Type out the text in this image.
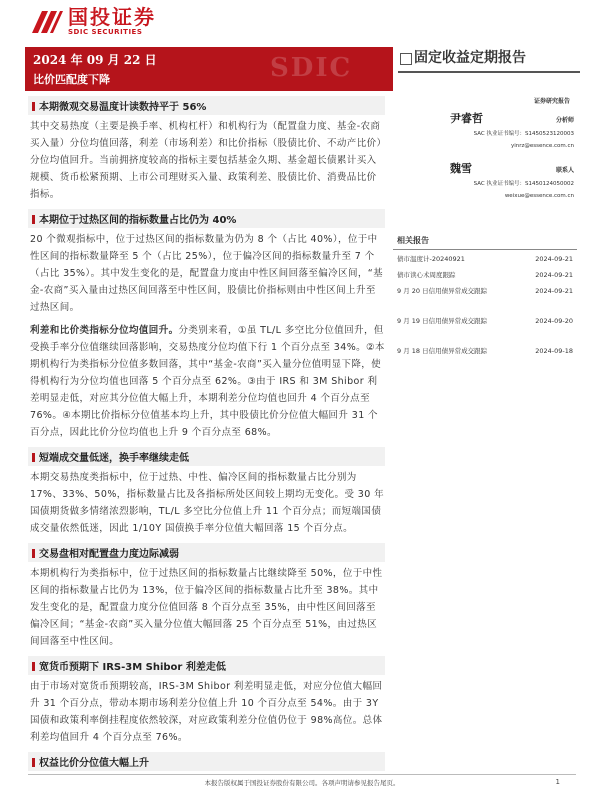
国投证券
SDIC SECURITIES
SDIC
2024 年 09 月 22 日
比价匹配度下降
固定收益定期报告
证券研究报告
尹睿哲	分析师
SAC 执业证书编号：S1450523120003
yinrz@essence.com.cn
魏雪	联系人
SAC 执业证书编号：S1450124050002
weixue@essence.com.cn
相关报告
债市温度计-20240921	2024-09-21
债市读心术周度跟踪	2024-09-21
9 月 20 日信用债异常成交跟踪	2024-09-21
9 月 19 日信用债异常成交跟踪	2024-09-20
9 月 18 日信用债异常成交跟踪	2024-09-18
本期微观交易温度计读数持平于 56%
其中交易热度（主要是换手率、机构杠杆）和机构行为（配置盘力度、基金-农商买入量）分位均值回落，利差（市场利差）和比价指标（股债比价、不动产比价）分位均值回升。当前拥挤度较高的指标主要包括基金久期、基金超长债累计买入规模、货币松紧预期、上市公司理财买入量、政策利差、股债比价、消费品比价指标。
本期位于过热区间的指标数量占比仍为 40%
20 个微观指标中，位于过热区间的指标数量为仍为 8 个（占比 40%），位于中性区间的指标数量降至 5 个（占比 25%），位于偏冷区间的指标数量升至 7 个（占比 35%）。其中发生变化的是，配置盘力度由中性区间回落至偏冷区间，“基金-农商”买入量由过热区间回落至中性区间，股债比价指标则由中性区间上升至过热区间。
利差和比价类指标分位均值回升。分类别来看，①虽 TL/L 多空比分位值回升，但受换手率分位值继续回落影响，交易热度分位均值下行 1 个百分点至 34%。②本期机构行为类指标分位值多数回落，其中“基金-农商”买入量分位值明显下降，使得机构行为分位均值也回落 5 个百分点至 62%。③由于 IRS 和 3M Shibor 利差明显走低，对应其分位值大幅上升，本期利差分位均值也回升 4 个百分点至 76%。④本期比价指标分位值基本均上升，其中股债比价分位值大幅回升 31 个百分点，因此比价分位均值也上升 9 个百分点至 68%。
短端成交量低迷，换手率继续走低
本期交易热度类指标中，位于过热、中性、偏冷区间的指标数量占比分别为 17%、33%、50%，指标数量占比及各指标所处区间较上期均无变化。受 30 年国债期货做多情绪浓烈影响，TL/L 多空比分位值上升 11 个百分点；而短端国债成交量依然低迷，因此 1/10Y 国债换手率分位值大幅回落 15 个百分点。
交易盘相对配置盘力度边际减弱
本期机构行为类指标中，位于过热区间的指标数量占比继续降至 50%，位于中性区间的指标数量占比仍为 13%，位于偏冷区间的指标数量占比升至 38%。其中发生变化的是，配置盘力度分位值回落 8 个百分点至 35%，由中性区间回落至偏冷区间；“基金-农商”买入量分位值大幅回落 25 个百分点至 51%，由过热区间回落至中性区间。
宽货币预期下 IRS-3M Shibor 利差走低
由于市场对宽货币预期较高，IRS-3M Shibor 利差明显走低，对应分位值大幅回升 31 个百分点，带动本期市场利差分位值上升 10 个百分点至 54%。由于 3Y 国债和政策利率倒挂程度依然较深，对应政策利差分位值仍位于 98%高位。总体利差均值回升 4 个百分点至 76%。
权益比价分位值大幅上升
本报告版权属于国投证券股份有限公司。各项声明请参见报告尾页。	1
